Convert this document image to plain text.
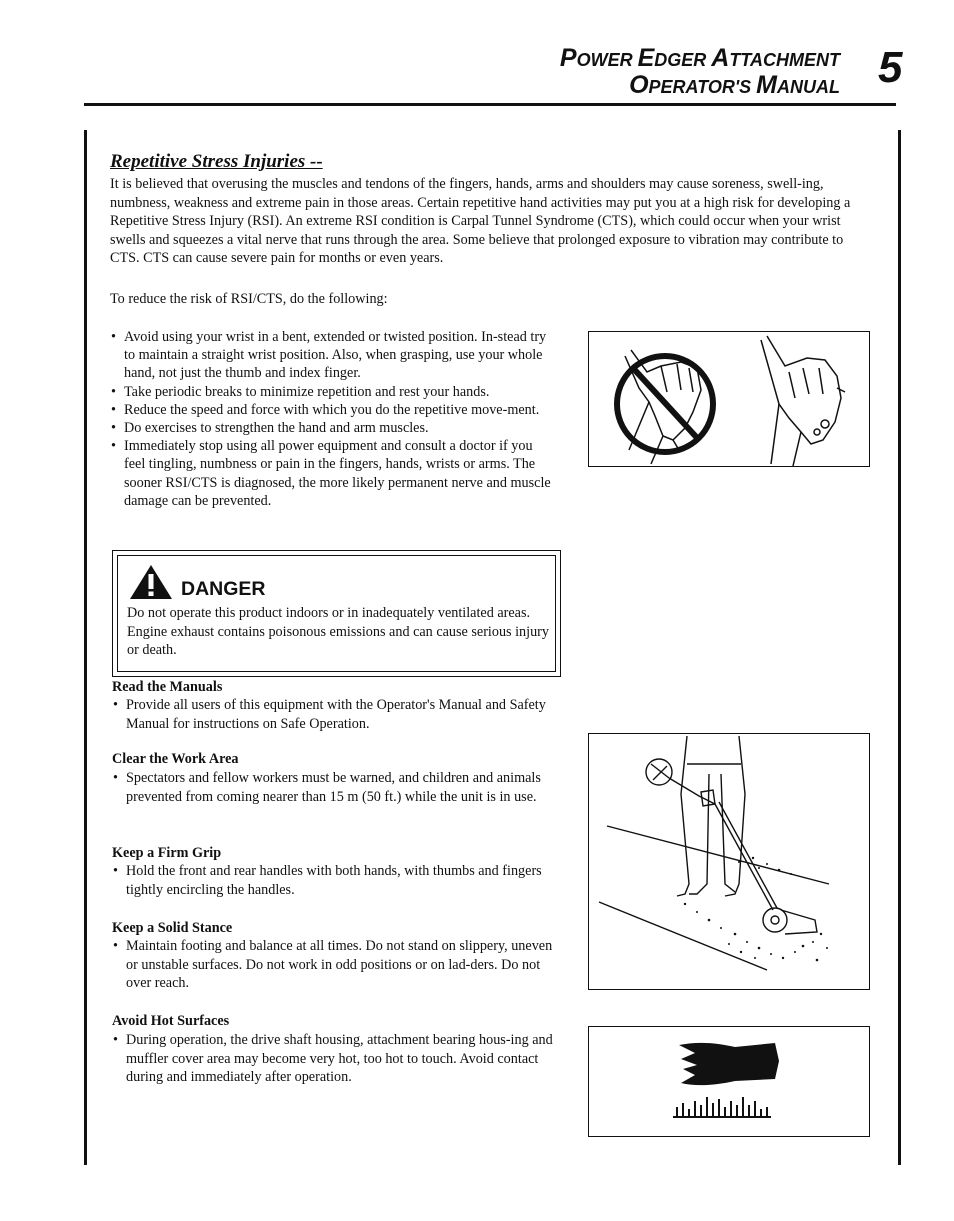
POWER EDGER ATTACHMENT
OPERATOR'S MANUAL 5
Repetitive Stress Injuries --

It is believed that overusing the muscles and tendons of the fingers, hands, arms and shoulders may cause soreness, swell-ing, numbness, weakness and extreme pain in those areas. Certain repetitive hand activities may put you at a high risk for developing a Repetitive Stress Injury (RSI). An extreme RSI condition is Carpal Tunnel Syndrome (CTS), which could occur when your wrist swells and squeezes a vital nerve that runs through the area. Some believe that prolonged exposure to vibration may contribute to CTS. CTS can cause severe pain for months or even years.

To reduce the risk of RSI/CTS, do the following:

• Avoid using your wrist in a bent, extended or twisted position. In-stead try to maintain a straight wrist position. Also, when grasping, use your whole hand, not just the thumb and index finger.
• Take periodic breaks to minimize repetition and rest your hands.
• Reduce the speed and force with which you do the repetitive move-ment.
• Do exercises to strengthen the hand and arm muscles.
• Immediately stop using all power equipment and consult a doctor if you feel tingling, numbness or pain in the fingers, hands, wrists or arms. The sooner RSI/CTS is diagnosed, the more likely permanent nerve and muscle damage can be prevented.
DANGER

Do not operate this product indoors or in inadequately ventilated areas. Engine exhaust contains poisonous emissions and can cause serious injury or death.

Read the Manuals
• Provide all users of this equipment with the Operator's Manual and Safety Manual for instructions on Safe Operation.
Clear the Work Area
• Spectators and fellow workers must be warned, and children and animals prevented from coming nearer than 15 m (50 ft.) while the unit is in use.
Keep a Firm Grip
• Hold the front and rear handles with both hands, with thumbs and fingers tightly encircling the handles.
Keep a Solid Stance
• Maintain footing and balance at all times. Do not stand on slippery, uneven or unstable surfaces. Do not work in odd positions or on lad-ders. Do not over reach.
Avoid Hot Surfaces
• During operation, the drive shaft housing, attachment bearing hous-ing and muffler cover area may become very hot, too hot to touch. Avoid contact during and immediately after operation.
